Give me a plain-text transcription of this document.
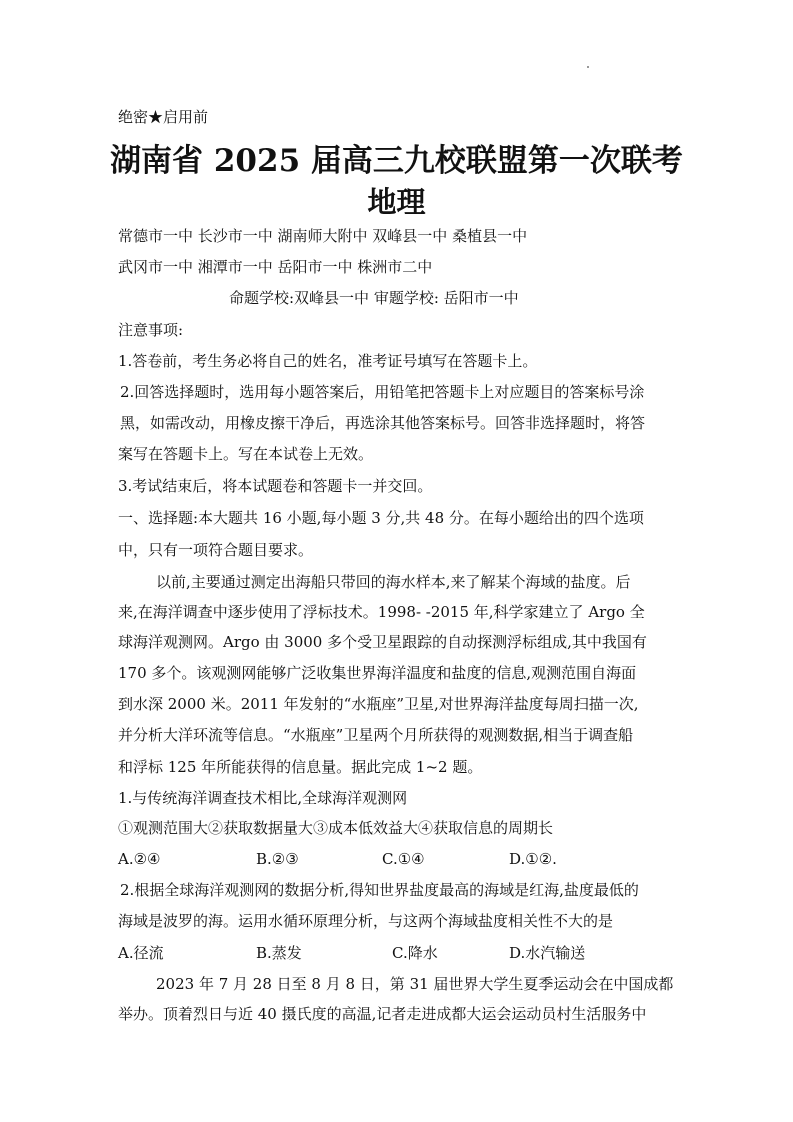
绝密★启用前
湖南省 2025 届高三九校联盟第一次联考
地理
常德市一中 长沙市一中 湖南师大附中 双峰县一中 桑植县一中
武冈市一中 湘潭市一中 岳阳市一中 株洲市二中
命题学校:双峰县一中 审题学校: 岳阳市一中
注意事项:
1.答卷前，考生务必将自己的姓名，准考证号填写在答题卡上。
2.回答选择题时，选用每小题答案后，用铅笔把答题卡上对应题目的答案标号涂
黑，如需改动，用橡皮擦干净后，再选涂其他答案标号。回答非选择题时，将答
案写在答题卡上。写在本试卷上无效。
3.考试结束后，将本试题卷和答题卡一并交回。
一、选择题:本大题共 16 小题,每小题 3 分,共 48 分。在每小题给出的四个选项
中，只有一项符合题目要求。
以前,主要通过测定出海船只带回的海水样本,来了解某个海域的盐度。后
来,在海洋调查中逐步使用了浮标技术。1998- -2015 年,科学家建立了 Argo 全
球海洋观测网。Argo 由 3000 多个受卫星跟踪的自动探测浮标组成,其中我国有
170 多个。该观测网能够广泛收集世界海洋温度和盐度的信息,观测范围自海面
到水深 2000 米。2011 年发射的“水瓶座”卫星,对世界海洋盐度每周扫描一次,
并分析大洋环流等信息。“水瓶座”卫星两个月所获得的观测数据,相当于调查船
和浮标 125 年所能获得的信息量。据此完成 1~2 题。
1.与传统海洋调查技术相比,全球海洋观测网
①观测范围大②获取数据量大③成本低效益大④获取信息的周期长
A.②④	B.②③	C.①④	D.①②.
2.根据全球海洋观测网的数据分析,得知世界盐度最高的海域是红海,盐度最低的
海域是波罗的海。运用水循环原理分析，与这两个海域盐度相关性不大的是
A.径流	B.蒸发	C.降水	D.水汽输送
2023 年 7 月 28 日至 8 月 8 日，第 31 届世界大学生夏季运动会在中国成都
举办。顶着烈日与近 40 摄氏度的高温,记者走进成都大运会运动员村生活服务中
